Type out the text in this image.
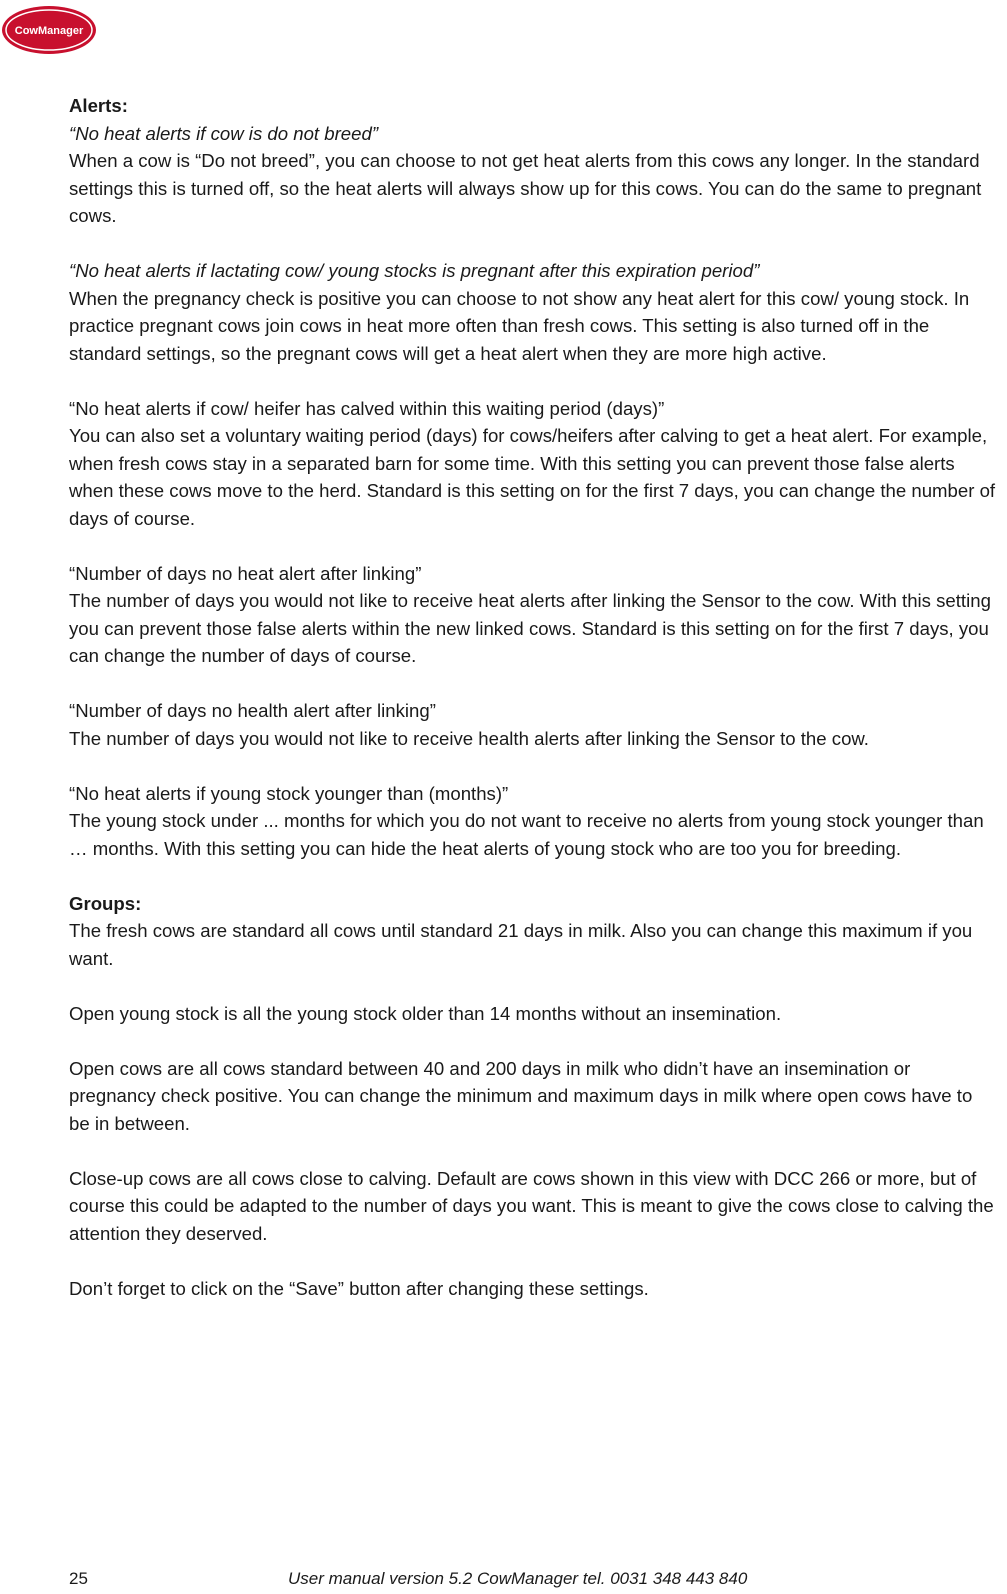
CowManager

Alerts:

“No heat alerts if cow is do not breed”

When a cow is “Do not breed”, you can choose to not get heat alerts from this cows any longer. In the standard settings this is turned off, so the heat alerts will always show up for this cows. You can do the same to pregnant cows.

“No heat alerts if lactating cow/ young stocks is pregnant after this expiration period”

When the pregnancy check is positive you can choose to not show any heat alert for this cow/ young stock. In practice pregnant cows join cows in heat more often than fresh cows. This setting is also turned off in the standard settings, so the pregnant cows will get a heat alert when they are more high active.

“No heat alerts if cow/ heifer has calved within this waiting period (days)”

You can also set a voluntary waiting period (days) for cows/heifers after calving to get a heat alert. For example, when fresh cows stay in a separated barn for some time. With this setting you can prevent those false alerts when these cows move to the herd. Standard is this setting on for the first 7 days, you can change the number of days of course.

“Number of days no heat alert after linking”

The number of days you would not like to receive heat alerts after linking the Sensor to the cow. With this setting you can prevent those false alerts within the new linked cows. Standard is this setting on for the first 7 days, you can change the number of days of course.

“Number of days no health alert after linking”

The number of days you would not like to receive health alerts after linking the Sensor to the cow.

“No heat alerts if young stock younger than (months)”

The young stock under ... months for which you do not want to receive no alerts from young stock younger than … months. With this setting you can hide the heat alerts of young stock who are too you for breeding.

Groups:

The fresh cows are standard all cows until standard 21 days in milk. Also you can change this maximum if you want.

Open young stock is all the young stock older than 14 months without an insemination.

Open cows are all cows standard between 40 and 200 days in milk who didn’t have an insemination or pregnancy check positive. You can change the minimum and maximum days in milk where open cows have to be in between.

Close-up cows are all cows close to calving. Default are cows shown in this view with DCC 266 or more, but of course this could be adapted to the number of days you want. This is meant to give the cows close to calving the attention they deserved.

Don’t forget to click on the “Save” button after changing these settings.

25	User manual version 5.2 CowManager tel. 0031 348 443 840
